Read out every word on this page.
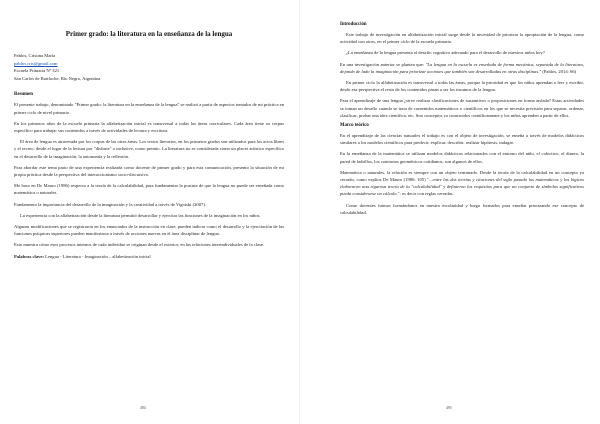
Primer grado: la literatura en la enseñanza de la lengua
Pablos, Cristina María
pablos.cris@gmail.com
Escuela Primaria Nº 321
San Carlos de Bariloche, Río Negro, Argentina
Resumen

El presente trabajo, denominado "Primer grado: la literatura en la enseñanza de la lengua" se realizó a partir de aspectos tomados de mi práctica en primer ciclo de nivel primario.

En los primeros años de la escuela primaria la alfabetización inicial es transversal a todas las áreas curriculares. Cada área tiene su corpus específico para trabajar sus contenidos a través de actividades de lectura y escritura.

El área de lengua es atravesada por los corpus de las otras áreas. Los textos literarios, en los primeros grados son utilizados para los actos libres y el recreo, desde el lugar de la lectura por "disfrute" o inclusive, como premio. La literatura no es considerada como un placer artístico específico en el desarrollo de la imaginación, la autonomía y la reflexión.

Para abordar este tema parto de una experiencia realizada como docente de primer grado y para esta comunicación, presento la situación de mi propia práctica desde la perspectiva del interaccionismo socio-discursivo.

Me baso en De Mauro (1986) respecto a la teoría de la calculabilidad, para fundamentar la postura de que la lengua no puede ser enseñada como matemática o naturales.

Fundamento la importancia del desarrollo de la imaginación y la creatividad a través de Vigotski (2007).

La experiencia con la alfabetización desde la literatura permitió desarrollar y ejercitar las funciones de la imaginación en los niños.

Algunas modificaciones que se registraron en los enunciados de la instrucción en clase, pueden indicar como el desarrollo y la ejercitación de las funciones psíquicas superiores pueden manifestarse a través de acciones nuevas en el área disciplinar de lengua.

Esto muestra cómo esos procesos internos de cada individuo se originan desde el exterior, en las relaciones interindividuales de la clase.

Palabras clave: Lengua - Literatura - Imaginación – alfabetización inicial

494
Introducción

Este trabajo de investigación en alfabetización inicial surge desde la necesidad de priorizar la apropiación de la lengua, como actividad con otros, en el primer ciclo de la escuela primaria.

¿La enseñanza de la lengua presenta el desafío cognitivo adecuado para el desarrollo de nuestros niños hoy?

En una investigación anterior se plantea que: "La lengua en la escuela es enseñada de forma mecánica, separada de la literatura, dejando de lado la imaginación para priorizar acciones que también son desarrolladas en otras disciplinas." (Pablos, 2014: 66)

En primer ciclo la alfabetización es transversal a todas las áreas, porque la prioridad es que los niños aprendan a leer y escribir, desde esa perspectiva el resto de los contenidos pasan a ser los insumos de la lengua.

Para el aprendizaje de una lengua ¿sirve realizar clasificaciones de sustantivos o proposiciones en forma aislada? Estas actividades se toman un desafío cuando se trata de contenidos matemáticos o científicos en los que se necesita precisión para separar, ordenar, clasificar, probar una idea científica, etc. Son conceptos ya construidos científicamente y los niños aprenden a partir de ellos.

Marco teórico

En el aprendizaje de las ciencias naturales el trabajo es con el objeto de investigación, se enseña a través de modelos didácticos similares a los modelos científicos para predecir, explicar, describir, realizar hipótesis, indagar.

En la enseñanza de la matemática se utilizan modelos didácticos relacionados con el entorno del niño, el colectivo, el dinero, la pared de ladrillos, los contornos geométricos cotidianos, son algunos de ellos.

Matemática o naturales, la relación es siempre con un objeto terminado. Desde la teoría de la calculabilidad en un concepto ya cerrado, como explica De Mauro (1986: 105) "...entre las dos teorías y citaciones del siglo pasado los matemáticos y los lógicos elaboraron una rigurosa teoría de la "calculabilidad" y definieron los requisitos para que un conjunto de símbolos significativos pueda considerarse un cálculo."; es decir con reglas cerradas.

Como docentes fuimos formándonos en nuestra escolaridad y luego formados para enseñar priorizando ese concepto de calculabilidad.

495
